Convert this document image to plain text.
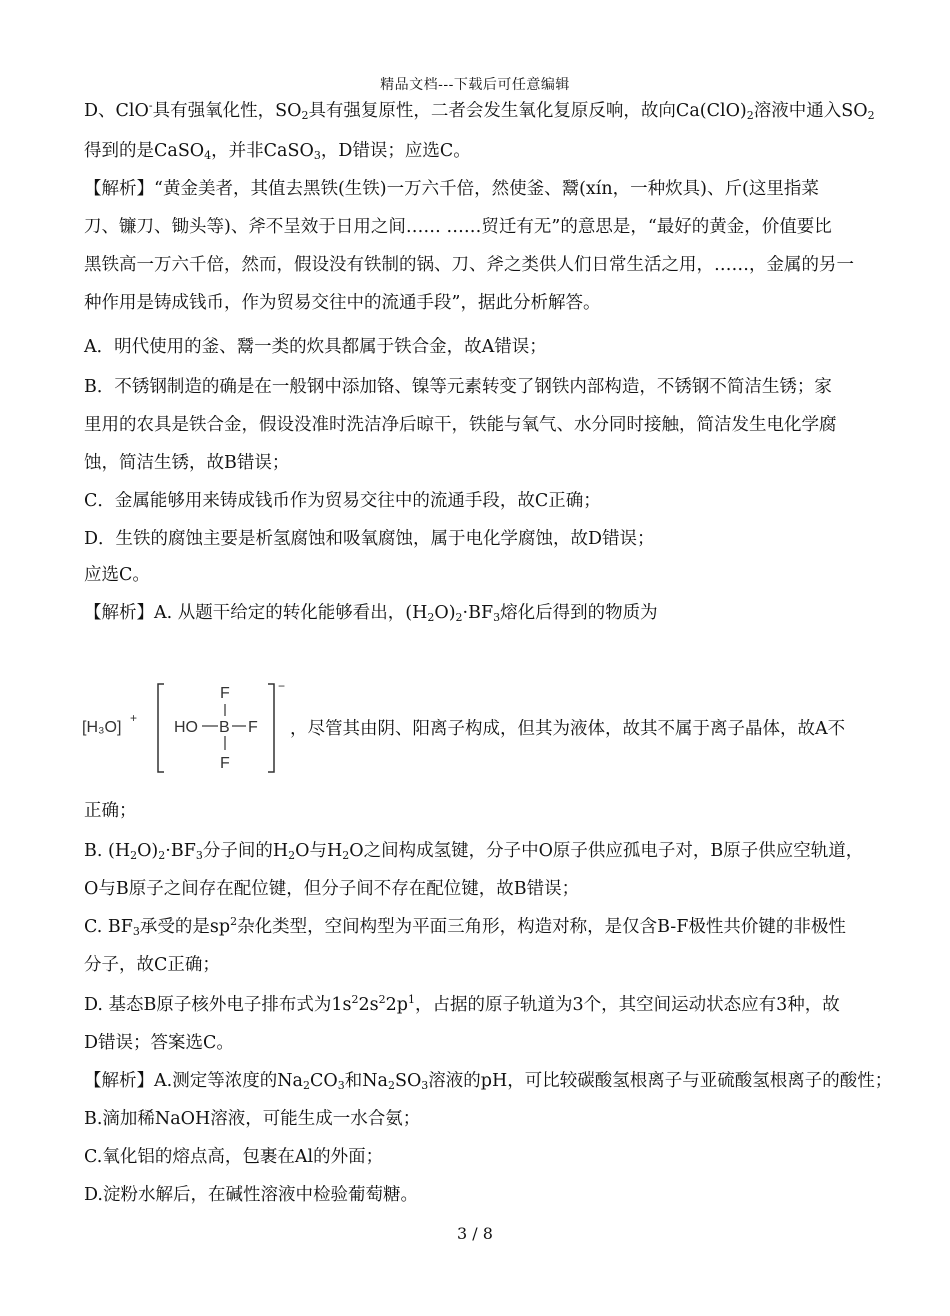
精品文档---下载后可任意编辑
D、ClO-具有强氧化性，$SO_2$具有强复原性，二者会发生氧化复原反响，故向$Ca(ClO)_2$溶液中通入$SO_2$
得到的是CaSO$_4$，并非CaSO$_3$，D错误；应选C。
【解析】“黄金美者，其值去黑铁(生铁)一万六千倍，然使釜、鬵(xín，一种炊具)、斤(这里指菜
刀、镰刀、锄头等)、斧不呈效于日用之间…… ……贸迁有无”的意思是，“最好的黄金，价值要比
黑铁高一万六千倍，然而，假设没有铁制的锅、刀、斧之类供人们日常生活之用，……，金属的另一
种作用是铸成钱币，作为贸易交往中的流通手段”，据此分析解答。
A．明代使用的釜、鬵一类的炊具都属于铁合金，故A错误；
B．不锈钢制造的确是在一般钢中添加铬、镍等元素转变了钢铁内部构造，不锈钢不简洁生锈；家
里用的农具是铁合金，假设没准时洗洁净后晾干，铁能与氧气、水分同时接触，简洁发生电化学腐
蚀，简洁生锈，故B错误；
C．金属能够用来铸成钱币作为贸易交往中的流通手段，故C正确；
D．生铁的腐蚀主要是析氢腐蚀和吸氧腐蚀，属于电化学腐蚀，故D错误；
应选C。
【解析】A. 从题干给定的转化能够看出，$(H_2O)_2\cdot BF_3$熔化后得到的物质为
正确；
B. $(H_2O)_2\cdot BF_3$分子间的$H_2O$与$H_2O$之间构成氢键，分子中O原子供应孤电子对，B原子供应空轨道，
O与B原子之间存在配位键，但分子间不存在配位键，故B错误；
C. $BF_3$承受的是$sp^2$杂化类型，空间构型为平面三角形，构造对称，是仅含B-F极性共价键的非极性
分子，故C正确；
D. 基态B原子核外电子排布式为$1s^22s^22p^1$，占据的原子轨道为3个，其空间运动状态应有3种，故
D错误；答案选C。
【解析】A.测定等浓度的$Na_2CO_3$和$Na_2SO_3$溶液的pH，可比较碳酸氢根离子与亚硫酸氢根离子的酸性；
B.滴加稀NaOH溶液，可能生成一水合氨；
C.氧化铝的熔点高，包裹在Al的外面；
D.淀粉水解后，在碱性溶液中检验葡萄糖。
[H₃O]
+
−
F
HO B F
F
，尽管其由阴、阳离子构成，但其为液体，故其不属于离子晶体，故A不
3 / 8
